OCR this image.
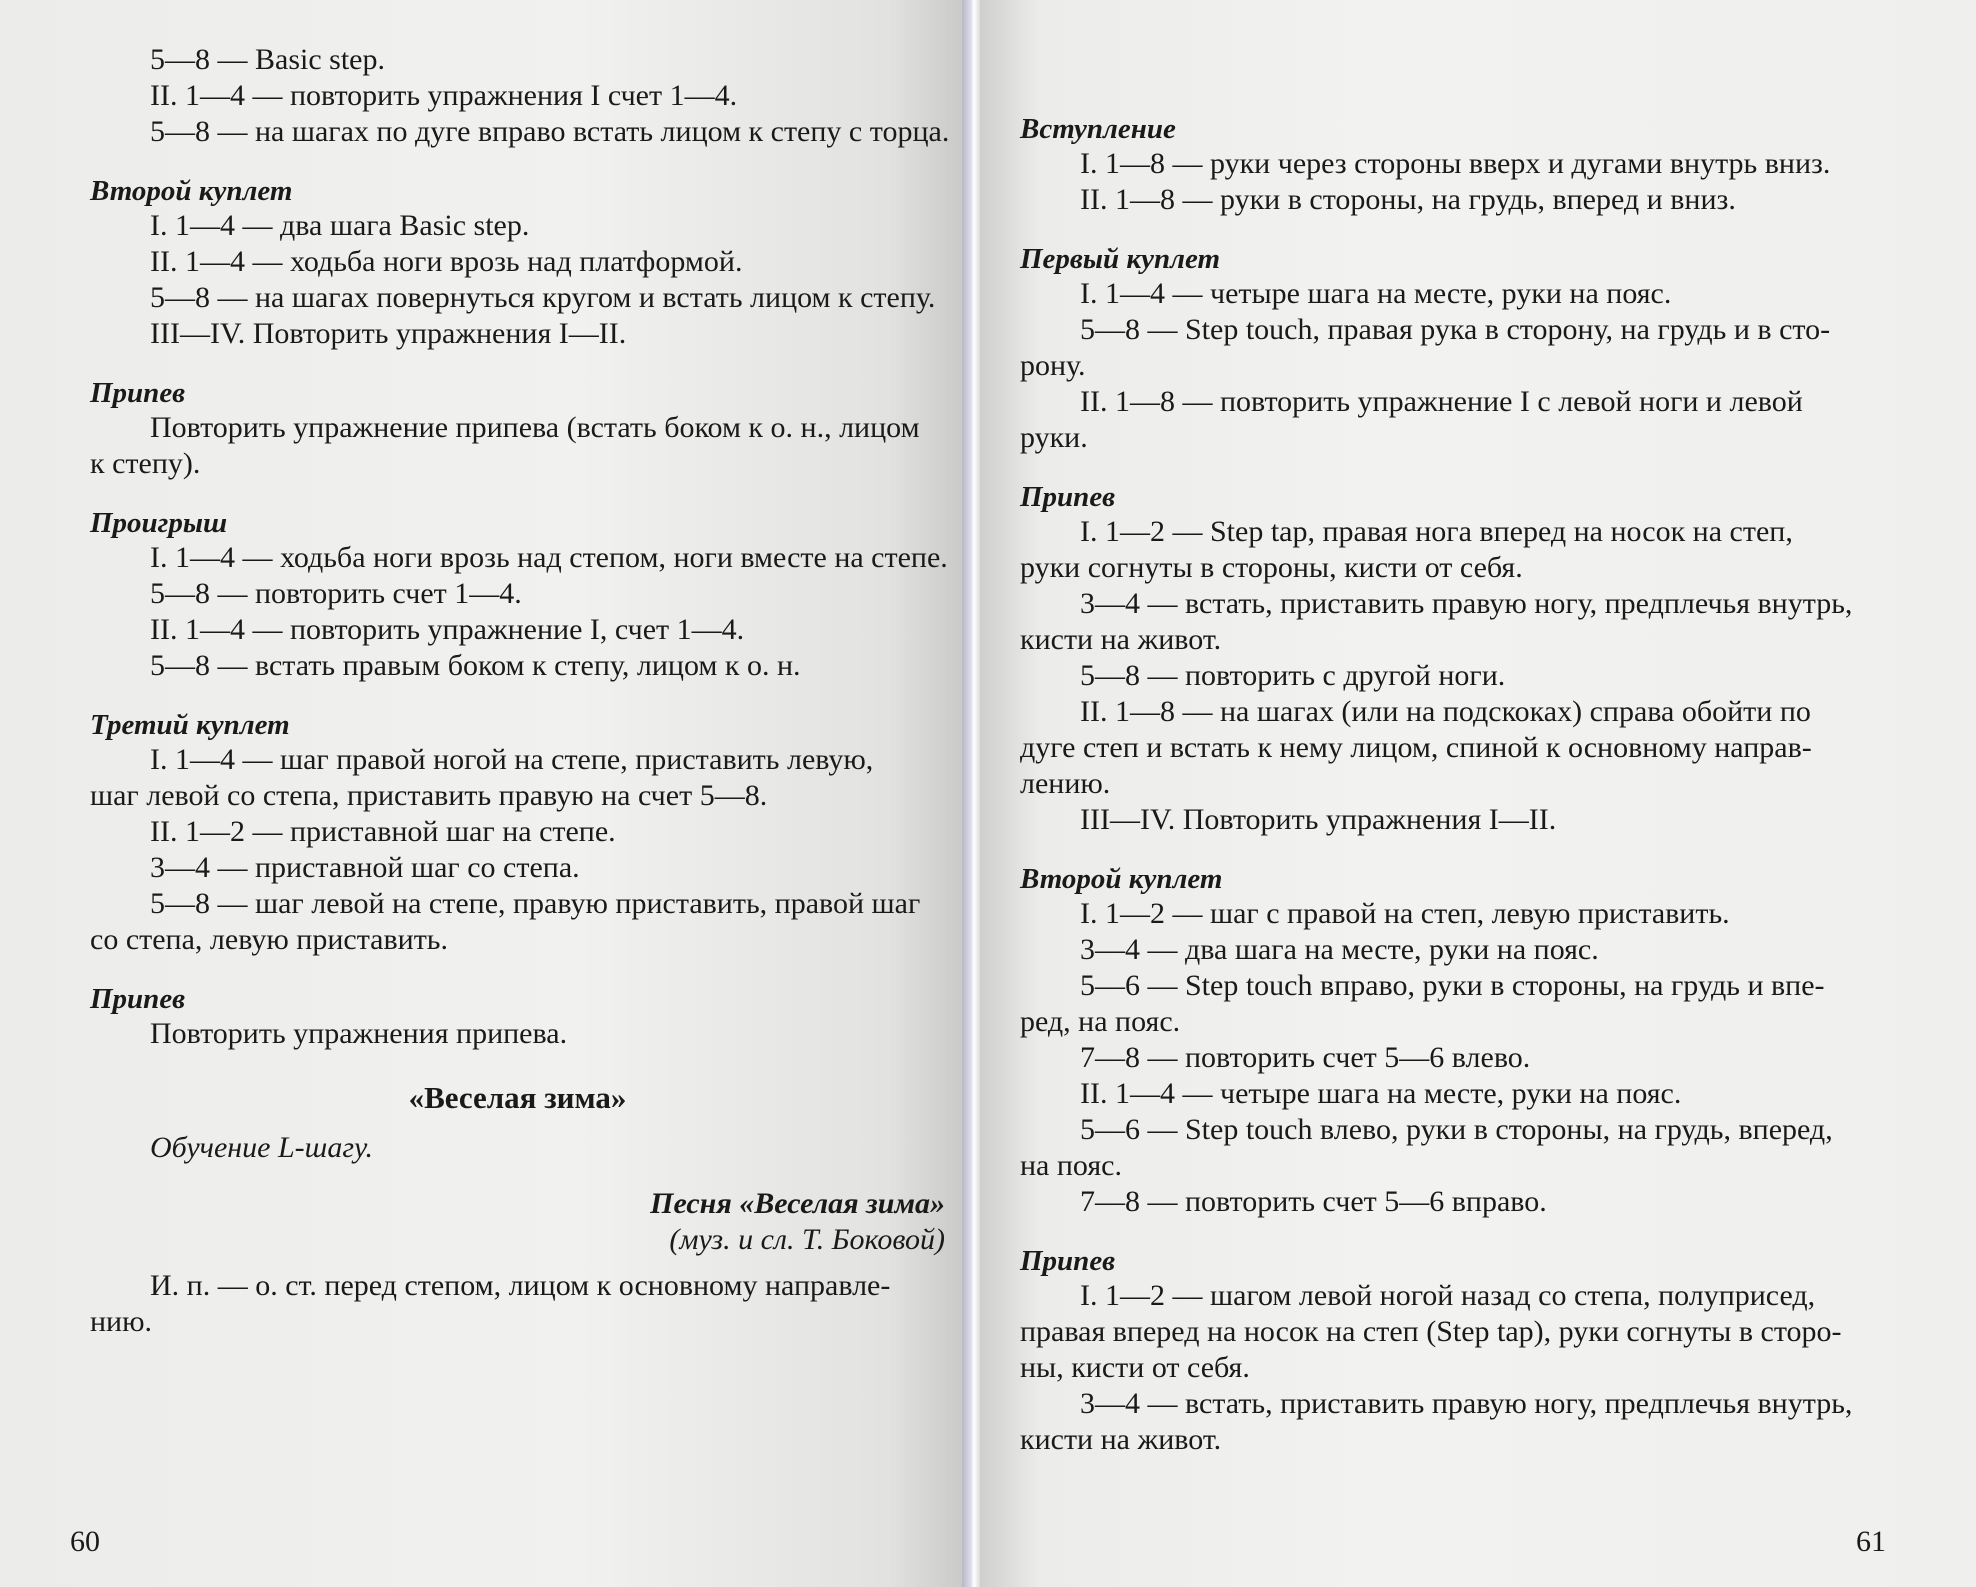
5—8 — Basic step.

II. 1—4 — повторить упражнения I счет 1—4.

5—8 — на шагах по дуге вправо встать лицом к степу с торца.

Второй куплет

I. 1—4 — два шага Basic step.

II. 1—4 — ходьба ноги врозь над платформой.

5—8 — на шагах повернуться кругом и встать лицом к степу.

III—IV. Повторить упражнения I—II.

Припев

Повторить упражнение припева (встать боком к о. н., лицом

к степу).

Проигрыш

I. 1—4 — ходьба ноги врозь над степом, ноги вместе на степе.

5—8 — повторить счет 1—4.

II. 1—4 — повторить упражнение I, счет 1—4.

5—8 — встать правым боком к степу, лицом к о. н.

Третий куплет

I. 1—4 — шаг правой ногой на степе, приставить левую,

шаг левой со степа, приставить правую на счет 5—8.

II. 1—2 — приставной шаг на степе.

3—4 — приставной шаг со степа.

5—8 — шаг левой на степе, правую приставить, правой шаг

со степа, левую приставить.

Припев

Повторить упражнения припева.

«Веселая зима»

Обучение L-шагу.

Песня «Веселая зима»

(муз. и сл. Т. Боковой)

И. п. — о. ст. перед степом, лицом к основному направле-

нию.

60

Вступление

I. 1—8 — руки через стороны вверх и дугами внутрь вниз.

II. 1—8 — руки в стороны, на грудь, вперед и вниз.

Первый куплет

I. 1—4 — четыре шага на месте, руки на пояс.

5—8 — Step touch, правая рука в сторону, на грудь и в сто-

рону.

II. 1—8 — повторить упражнение I с левой ноги и левой

руки.

Припев

I. 1—2 — Step tap, правая нога вперед на носок на степ,

руки согнуты в стороны, кисти от себя.

3—4 — встать, приставить правую ногу, предплечья внутрь,

кисти на живот.

5—8 — повторить с другой ноги.

II. 1—8 — на шагах (или на подскоках) справа обойти по

дуге степ и встать к нему лицом, спиной к основному направ-

лению.

III—IV. Повторить упражнения I—II.

Второй куплет

I. 1—2 — шаг с правой на степ, левую приставить.

3—4 — два шага на месте, руки на пояс.

5—6 — Step touch вправо, руки в стороны, на грудь и впе-

ред, на пояс.

7—8 — повторить счет 5—6 влево.

II. 1—4 — четыре шага на месте, руки на пояс.

5—6 — Step touch влево, руки в стороны, на грудь, вперед,

на пояс.

7—8 — повторить счет 5—6 вправо.

Припев

I. 1—2 — шагом левой ногой назад со степа, полуприсед,

правая вперед на носок на степ (Step tap), руки согнуты в сторо-

ны, кисти от себя.

3—4 — встать, приставить правую ногу, предплечья внутрь,

кисти на живот.

61
